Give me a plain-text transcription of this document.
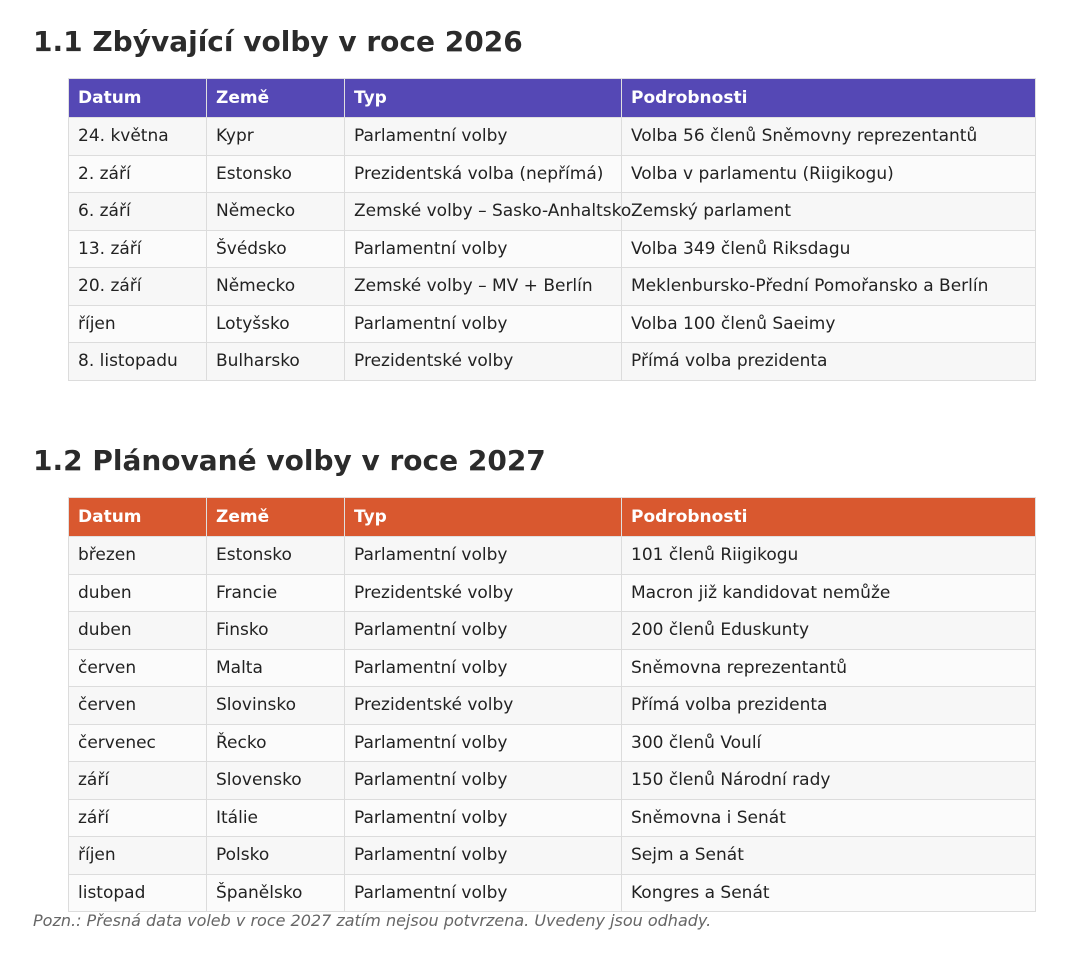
1.1 Zbývající volby v roce 2026
Datum	Země	Typ	Podrobnosti
24. května	Kypr	Parlamentní volby	Volba 56 členů Sněmovny reprezentantů
2. září	Estonsko	Prezidentská volba (nepřímá)	Volba v parlamentu (Riigikogu)
6. září	Německo	Zemské volby – Sasko-Anhaltsko	Zemský parlament
13. září	Švédsko	Parlamentní volby	Volba 349 členů Riksdagu
20. září	Německo	Zemské volby – MV + Berlín	Meklenbursko-Přední Pomořansko a Berlín
říjen	Lotyšsko	Parlamentní volby	Volba 100 členů Saeimy
8. listopadu	Bulharsko	Prezidentské volby	Přímá volba prezidenta
1.2 Plánované volby v roce 2027
Datum	Země	Typ	Podrobnosti
březen	Estonsko	Parlamentní volby	101 členů Riigikogu
duben	Francie	Prezidentské volby	Macron již kandidovat nemůže
duben	Finsko	Parlamentní volby	200 členů Eduskunty
červen	Malta	Parlamentní volby	Sněmovna reprezentantů
červen	Slovinsko	Prezidentské volby	Přímá volba prezidenta
červenec	Řecko	Parlamentní volby	300 členů Voulí
září	Slovensko	Parlamentní volby	150 členů Národní rady
září	Itálie	Parlamentní volby	Sněmovna i Senát
říjen	Polsko	Parlamentní volby	Sejm a Senát
listopad	Španělsko	Parlamentní volby	Kongres a Senát

Pozn.: Přesná data voleb v roce 2027 zatím nejsou potvrzena. Uvedeny jsou odhady.
